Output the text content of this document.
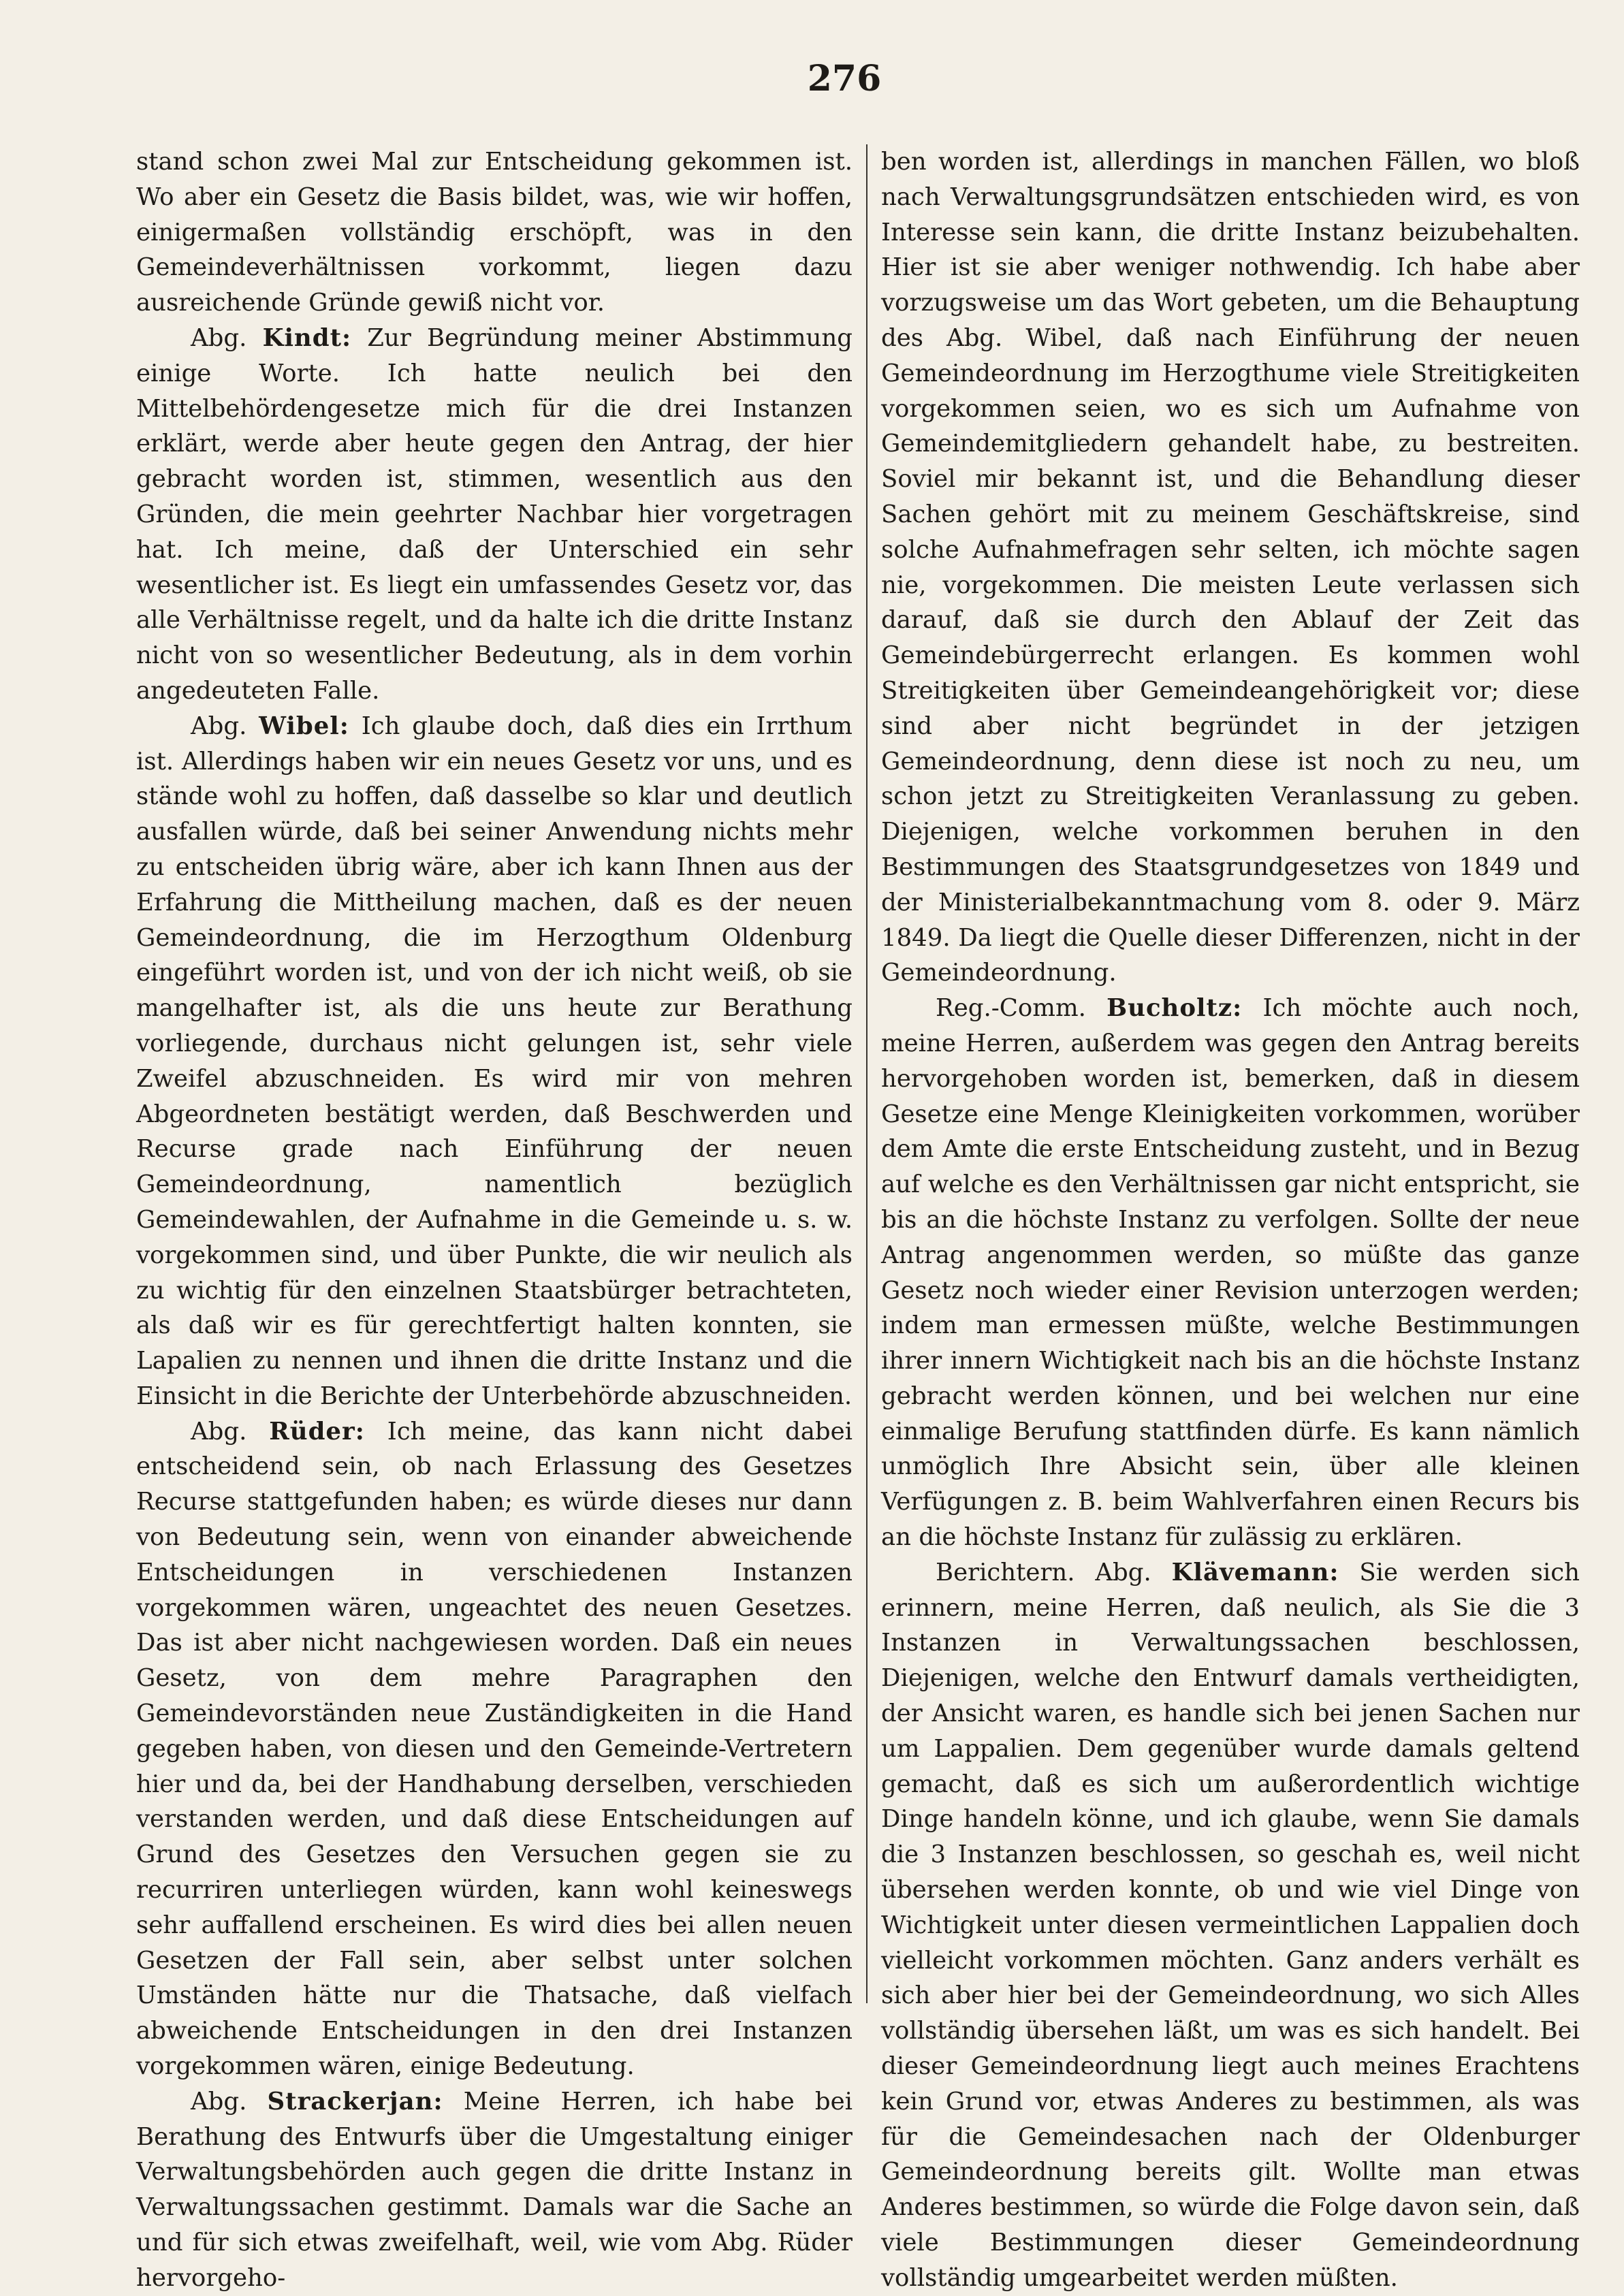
276

stand schon zwei Mal zur Entscheidung gekommen ist. Wo aber ein Gesetz die Basis bildet, was, wie wir hoffen, einigermaßen vollständig erschöpft, was in den Gemeindeverhältnissen vorkommt, liegen dazu ausreichende Gründe gewiß nicht vor.

Abg. Kindt: Zur Begründung meiner Abstimmung einige Worte. Ich hatte neulich bei den Mittelbehördengesetze mich für die drei Instanzen erklärt, werde aber heute gegen den Antrag, der hier gebracht worden ist, stimmen, wesentlich aus den Gründen, die mein geehrter Nachbar hier vorgetragen hat. Ich meine, daß der Unterschied ein sehr wesentlicher ist. Es liegt ein umfassendes Gesetz vor, das alle Verhältnisse regelt, und da halte ich die dritte Instanz nicht von so wesentlicher Bedeutung, als in dem vorhin angedeuteten Falle.

Abg. Wibel: Ich glaube doch, daß dies ein Irrthum ist. Allerdings haben wir ein neues Gesetz vor uns, und es stände wohl zu hoffen, daß dasselbe so klar und deutlich ausfallen würde, daß bei seiner Anwendung nichts mehr zu entscheiden übrig wäre, aber ich kann Ihnen aus der Erfahrung die Mittheilung machen, daß es der neuen Gemeindeordnung, die im Herzogthum Oldenburg eingeführt worden ist, und von der ich nicht weiß, ob sie mangelhafter ist, als die uns heute zur Berathung vorliegende, durchaus nicht gelungen ist, sehr viele Zweifel abzuschneiden. Es wird mir von mehren Abgeordneten bestätigt werden, daß Beschwerden und Recurse grade nach Einführung der neuen Gemeindeordnung, namentlich bezüglich Gemeindewahlen, der Aufnahme in die Gemeinde u. s. w. vorgekommen sind, und über Punkte, die wir neulich als zu wichtig für den einzelnen Staatsbürger betrachteten, als daß wir es für gerechtfertigt halten konnten, sie Lapalien zu nennen und ihnen die dritte Instanz und die Einsicht in die Berichte der Unterbehörde abzuschneiden.

Abg. Rüder: Ich meine, das kann nicht dabei entscheidend sein, ob nach Erlassung des Gesetzes Recurse stattgefunden haben; es würde dieses nur dann von Bedeutung sein, wenn von einander abweichende Entscheidungen in verschiedenen Instanzen vorgekommen wären, ungeachtet des neuen Gesetzes. Das ist aber nicht nachgewiesen worden. Daß ein neues Gesetz, von dem mehre Paragraphen den Gemeindevorständen neue Zuständigkeiten in die Hand gegeben haben, von diesen und den Gemeinde-Vertretern hier und da, bei der Handhabung derselben, verschieden verstanden werden, und daß diese Entscheidungen auf Grund des Gesetzes den Versuchen gegen sie zu recurriren unterliegen würden, kann wohl keineswegs sehr auffallend erscheinen. Es wird dies bei allen neuen Gesetzen der Fall sein, aber selbst unter solchen Umständen hätte nur die Thatsache, daß vielfach abweichende Entscheidungen in den drei Instanzen vorgekommen wären, einige Bedeutung.

Abg. Strackerjan: Meine Herren, ich habe bei Berathung des Entwurfs über die Umgestaltung einiger Verwaltungsbehörden auch gegen die dritte Instanz in Verwaltungssachen gestimmt. Damals war die Sache an und für sich etwas zweifelhaft, weil, wie vom Abg. Rüder hervorgeho-

ben worden ist, allerdings in manchen Fällen, wo bloß nach Verwaltungsgrundsätzen entschieden wird, es von Interesse sein kann, die dritte Instanz beizubehalten. Hier ist sie aber weniger nothwendig. Ich habe aber vorzugsweise um das Wort gebeten, um die Behauptung des Abg. Wibel, daß nach Einführung der neuen Gemeindeordnung im Herzogthume viele Streitigkeiten vorgekommen seien, wo es sich um Aufnahme von Gemeindemitgliedern gehandelt habe, zu bestreiten. Soviel mir bekannt ist, und die Behandlung dieser Sachen gehört mit zu meinem Geschäftskreise, sind solche Aufnahmefragen sehr selten, ich möchte sagen nie, vorgekommen. Die meisten Leute verlassen sich darauf, daß sie durch den Ablauf der Zeit das Gemeindebürgerrecht erlangen. Es kommen wohl Streitigkeiten über Gemeindeangehörigkeit vor; diese sind aber nicht begründet in der jetzigen Gemeindeordnung, denn diese ist noch zu neu, um schon jetzt zu Streitigkeiten Veranlassung zu geben. Diejenigen, welche vorkommen beruhen in den Bestimmungen des Staatsgrundgesetzes von 1849 und der Ministerialbekanntmachung vom 8. oder 9. März 1849. Da liegt die Quelle dieser Differenzen, nicht in der Gemeindeordnung.

Reg.-Comm. Bucholtz: Ich möchte auch noch, meine Herren, außerdem was gegen den Antrag bereits hervorgehoben worden ist, bemerken, daß in diesem Gesetze eine Menge Kleinigkeiten vorkommen, worüber dem Amte die erste Entscheidung zusteht, und in Bezug auf welche es den Verhältnissen gar nicht entspricht, sie bis an die höchste Instanz zu verfolgen. Sollte der neue Antrag angenommen werden, so müßte das ganze Gesetz noch wieder einer Revision unterzogen werden; indem man ermessen müßte, welche Bestimmungen ihrer innern Wichtigkeit nach bis an die höchste Instanz gebracht werden können, und bei welchen nur eine einmalige Berufung stattfinden dürfe. Es kann nämlich unmöglich Ihre Absicht sein, über alle kleinen Verfügungen z. B. beim Wahlverfahren einen Recurs bis an die höchste Instanz für zulässig zu erklären.

Berichtern. Abg. Klävemann: Sie werden sich erinnern, meine Herren, daß neulich, als Sie die 3 Instanzen in Verwaltungssachen beschlossen, Diejenigen, welche den Entwurf damals vertheidigten, der Ansicht waren, es handle sich bei jenen Sachen nur um Lappalien. Dem gegenüber wurde damals geltend gemacht, daß es sich um außerordentlich wichtige Dinge handeln könne, und ich glaube, wenn Sie damals die 3 Instanzen beschlossen, so geschah es, weil nicht übersehen werden konnte, ob und wie viel Dinge von Wichtigkeit unter diesen vermeintlichen Lappalien doch vielleicht vorkommen möchten. Ganz anders verhält es sich aber hier bei der Gemeindeordnung, wo sich Alles vollständig übersehen läßt, um was es sich handelt. Bei dieser Gemeindeordnung liegt auch meines Erachtens kein Grund vor, etwas Anderes zu bestimmen, als was für die Gemeindesachen nach der Oldenburger Gemeindeordnung bereits gilt. Wollte man etwas Anderes bestimmen, so würde die Folge davon sein, daß viele Bestimmungen dieser Gemeindeordnung vollständig umgearbeitet werden müßten.
